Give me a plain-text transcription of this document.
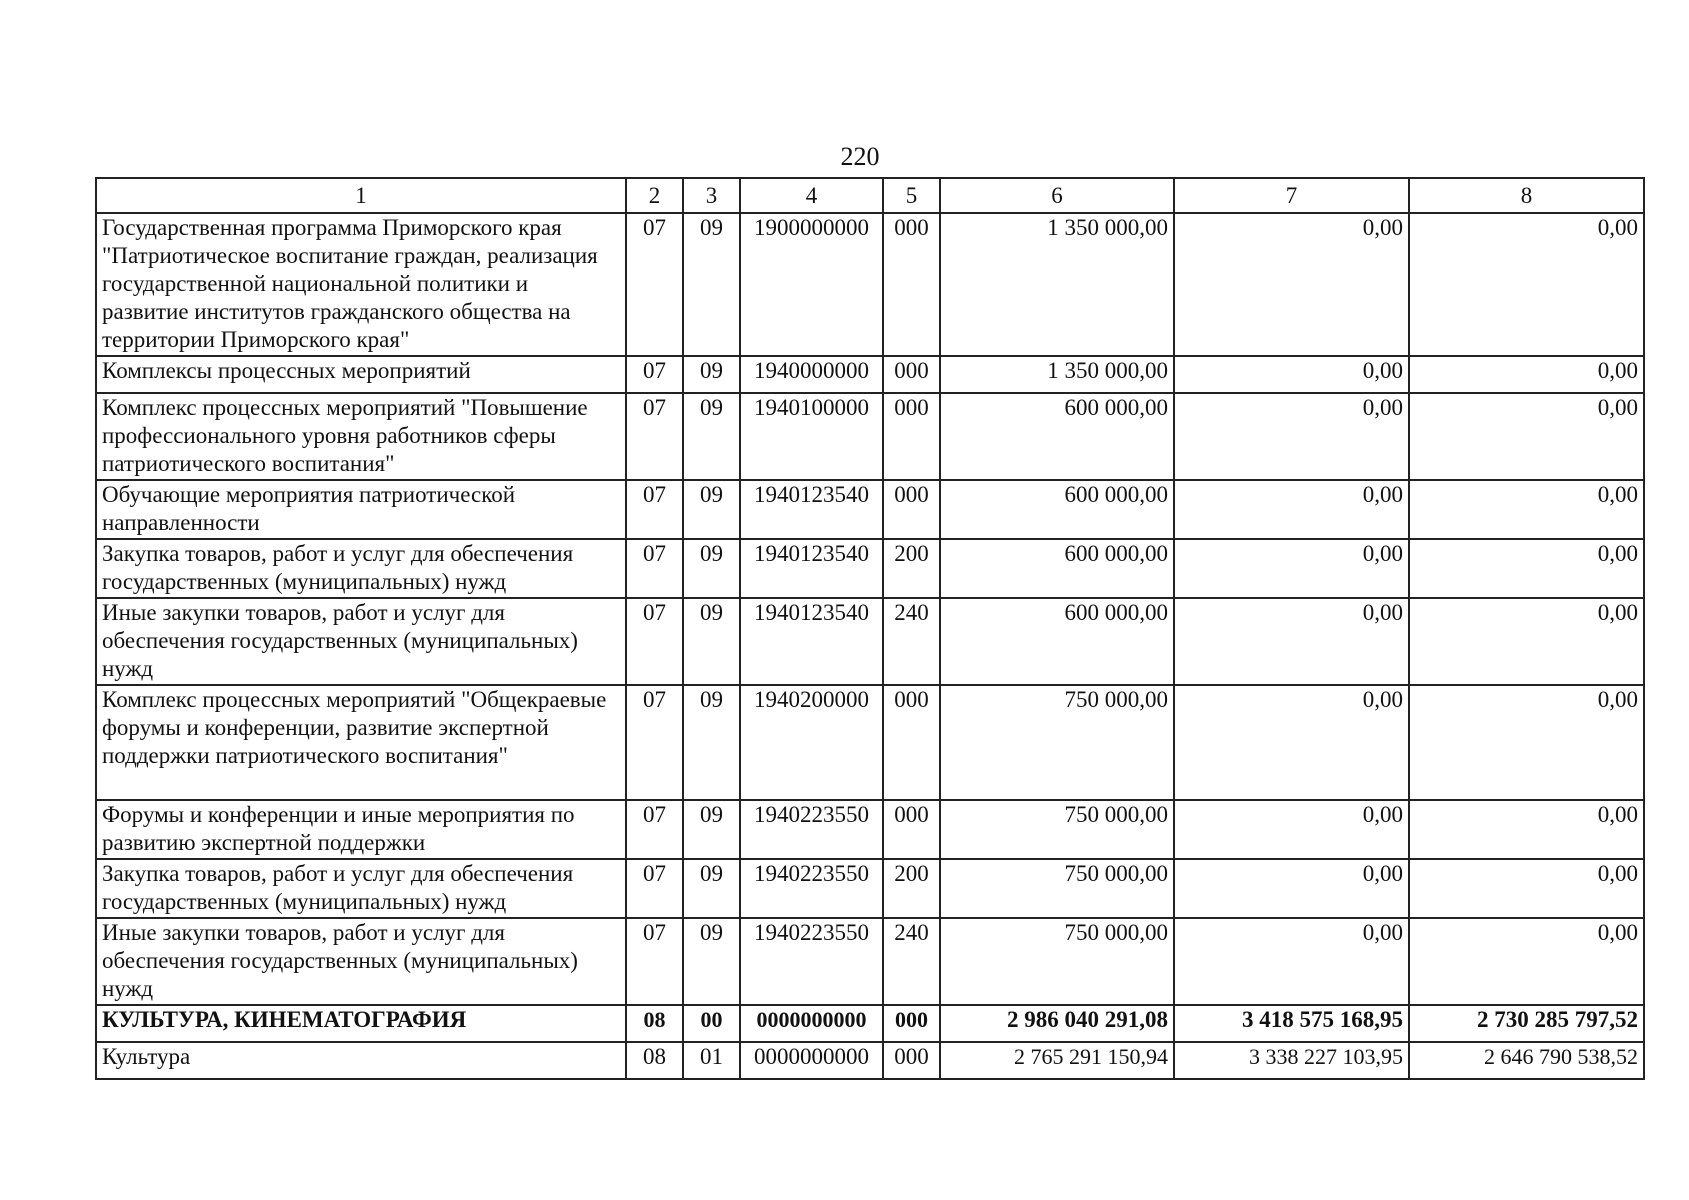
220
1	2	3	4	5	6	7	8
Государственная программа Приморского края "Патриотическое воспитание граждан, реализация государственной национальной политики и развитие институтов гражданского общества на территории Приморского края"	07	09	1900000000	000	1 350 000,00	0,00	0,00
Комплексы процессных мероприятий	07	09	1940000000	000	1 350 000,00	0,00	0,00
Комплекс процессных мероприятий "Повышение профессионального уровня работников сферы патриотического воспитания"	07	09	1940100000	000	600 000,00	0,00	0,00
Обучающие мероприятия патриотической направленности	07	09	1940123540	000	600 000,00	0,00	0,00
Закупка товаров, работ и услуг для обеспечения государственных (муниципальных) нужд	07	09	1940123540	200	600 000,00	0,00	0,00
Иные закупки товаров, работ и услуг для обеспечения государственных (муниципальных) нужд	07	09	1940123540	240	600 000,00	0,00	0,00
Комплекс процессных мероприятий "Общекраевые форумы и конференции, развитие экспертной поддержки патриотического воспитания"	07	09	1940200000	000	750 000,00	0,00	0,00
Форумы и конференции и иные мероприятия по развитию экспертной поддержки	07	09	1940223550	000	750 000,00	0,00	0,00
Закупка товаров, работ и услуг для обеспечения государственных (муниципальных) нужд	07	09	1940223550	200	750 000,00	0,00	0,00
Иные закупки товаров, работ и услуг для обеспечения государственных (муниципальных) нужд	07	09	1940223550	240	750 000,00	0,00	0,00
КУЛЬТУРА, КИНЕМАТОГРАФИЯ	08	00	0000000000	000	2 986 040 291,08	3 418 575 168,95	2 730 285 797,52
Культура	08	01	0000000000	000	2 765 291 150,94	3 338 227 103,95	2 646 790 538,52
